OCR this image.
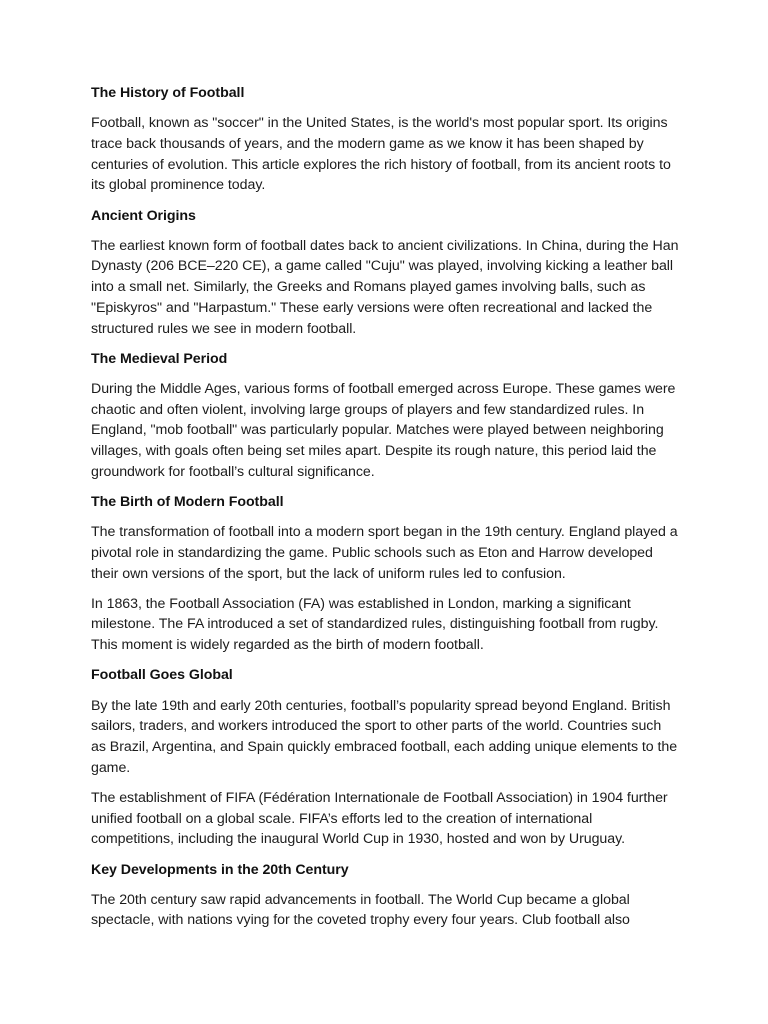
The History of Football

Football, known as "soccer" in the United States, is the world's most popular sport. Its origins trace back thousands of years, and the modern game as we know it has been shaped by centuries of evolution. This article explores the rich history of football, from its ancient roots to its global prominence today.

Ancient Origins

The earliest known form of football dates back to ancient civilizations. In China, during the Han Dynasty (206 BCE–220 CE), a game called "Cuju" was played, involving kicking a leather ball into a small net. Similarly, the Greeks and Romans played games involving balls, such as "Episkyros" and "Harpastum." These early versions were often recreational and lacked the structured rules we see in modern football.

The Medieval Period

During the Middle Ages, various forms of football emerged across Europe. These games were chaotic and often violent, involving large groups of players and few standardized rules. In England, "mob football" was particularly popular. Matches were played between neighboring villages, with goals often being set miles apart. Despite its rough nature, this period laid the groundwork for football’s cultural significance.

The Birth of Modern Football

The transformation of football into a modern sport began in the 19th century. England played a pivotal role in standardizing the game. Public schools such as Eton and Harrow developed their own versions of the sport, but the lack of uniform rules led to confusion.

In 1863, the Football Association (FA) was established in London, marking a significant milestone. The FA introduced a set of standardized rules, distinguishing football from rugby. This moment is widely regarded as the birth of modern football.

Football Goes Global

By the late 19th and early 20th centuries, football’s popularity spread beyond England. British sailors, traders, and workers introduced the sport to other parts of the world. Countries such as Brazil, Argentina, and Spain quickly embraced football, each adding unique elements to the game.

The establishment of FIFA (Fédération Internationale de Football Association) in 1904 further unified football on a global scale. FIFA’s efforts led to the creation of international competitions, including the inaugural World Cup in 1930, hosted and won by Uruguay.

Key Developments in the 20th Century

The 20th century saw rapid advancements in football. The World Cup became a global spectacle, with nations vying for the coveted trophy every four years. Club football also
